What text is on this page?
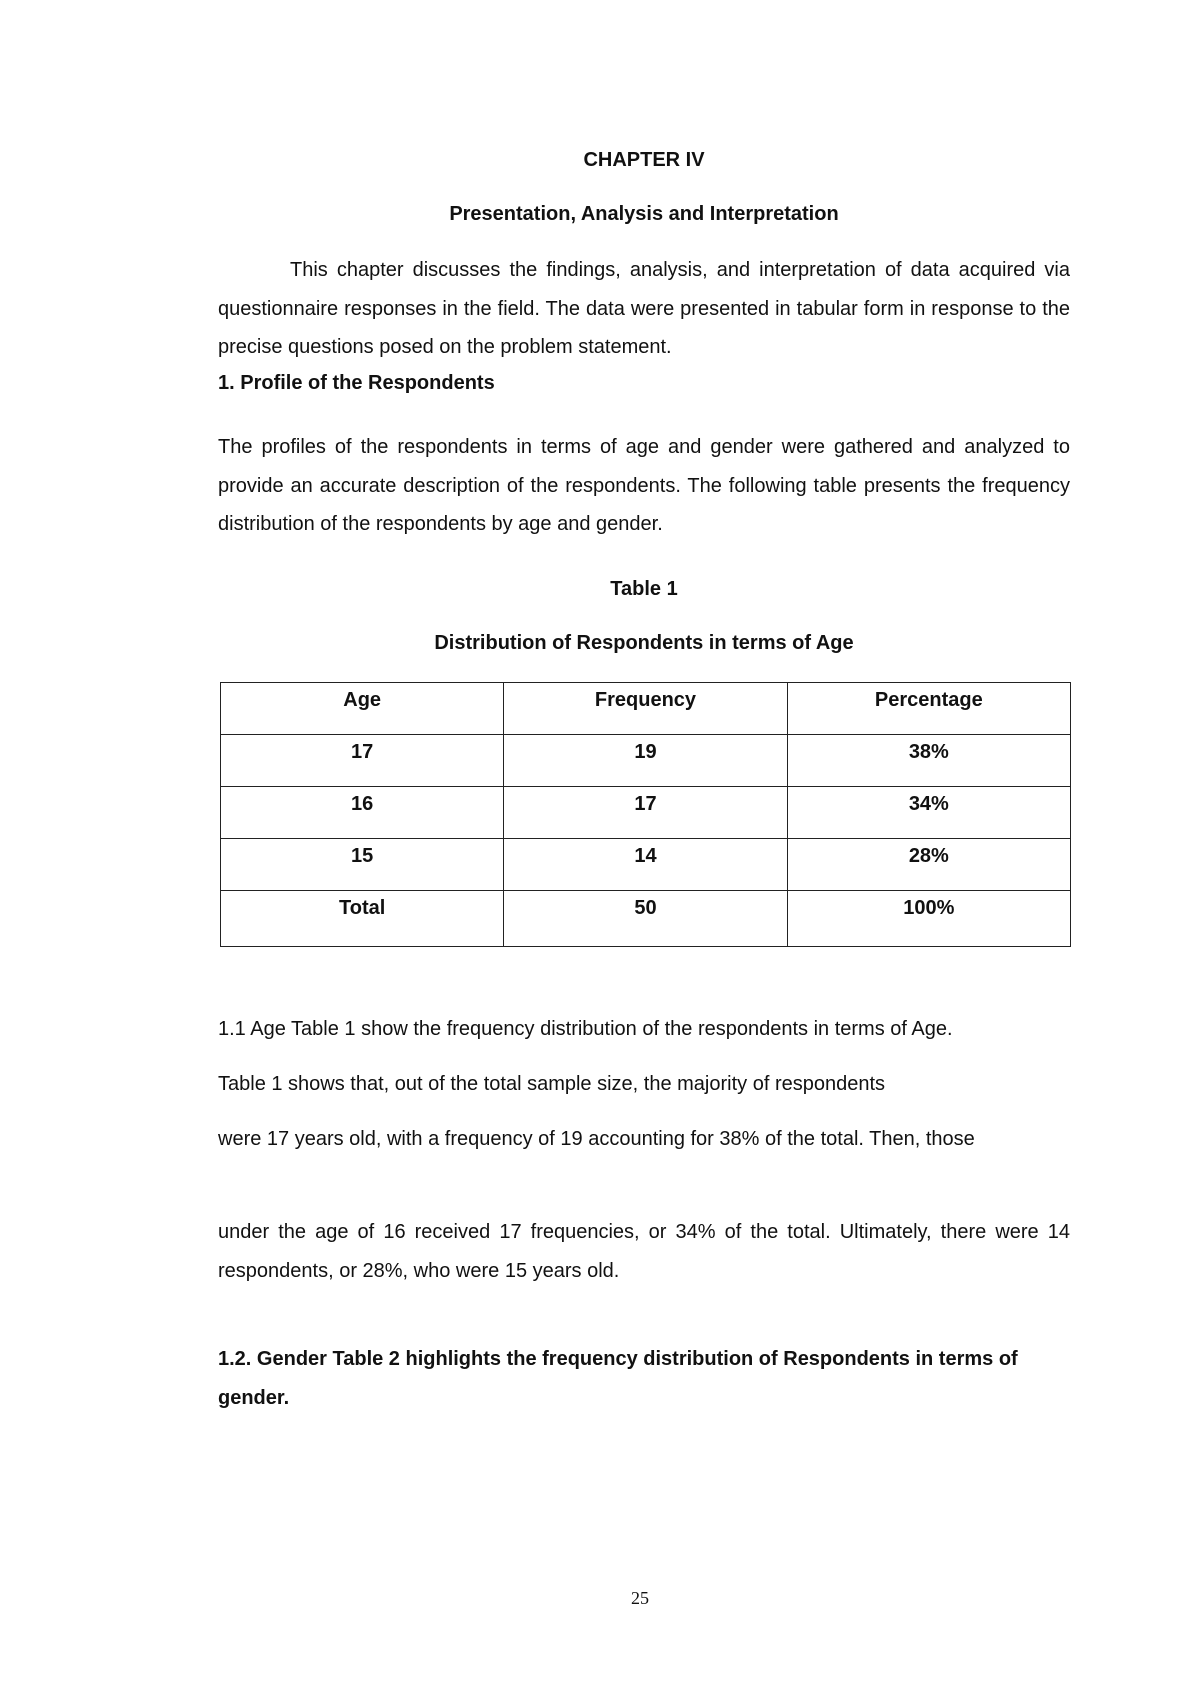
CHAPTER IV

Presentation, Analysis and Interpretation

This chapter discusses the findings, analysis, and interpretation of data acquired via questionnaire responses in the field. The data were presented in tabular form in response to the precise questions posed on the problem statement.

1. Profile of the Respondents

The profiles of the respondents in terms of age and gender were gathered and analyzed to provide an accurate description of the respondents. The following table presents the frequency distribution of the respondents by age and gender.

Table 1

Distribution of Respondents in terms of Age

Age	Frequency	Percentage
17	19	38%
16	17	34%
15	14	28%
Total	50	100%

1.1 Age Table 1 show the frequency distribution of the respondents in terms of Age.

Table 1 shows that, out of the total sample size, the majority of respondents

were 17 years old, with a frequency of 19 accounting for 38% of the total. Then, those

under the age of 16 received 17 frequencies, or 34% of the total. Ultimately, there were 14 respondents, or 28%, who were 15 years old.

1.2. Gender Table 2 highlights the frequency distribution of Respondents in terms of gender.

25
